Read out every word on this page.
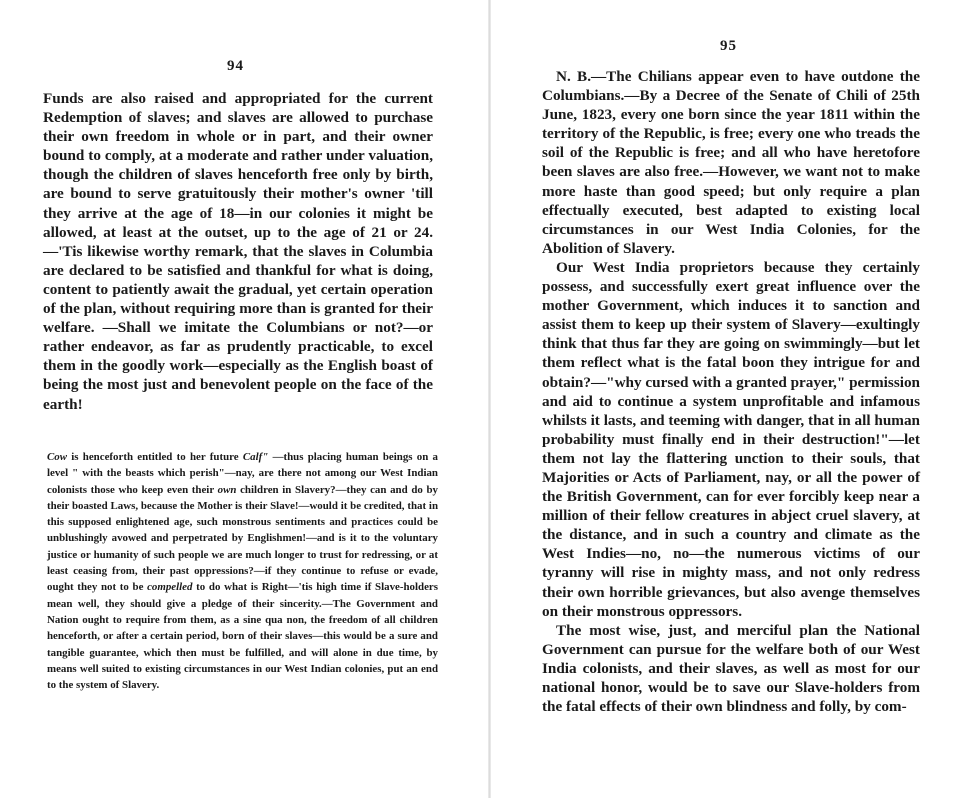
94
Funds are also raised and appropriated for the current Redemption of slaves; and slaves are allowed to purchase their own freedom in whole or in part, and their owner bound to comply, at a moderate and rather under valuation, though the children of slaves henceforth free only by birth, are bound to serve gratuitously their mother's owner 'till they arrive at the age of 18—in our colonies it might be allowed, at least at the outset, up to the age of 21 or 24.—'Tis likewise worthy remark, that the slaves in Columbia are declared to be satisfied and thankful for what is doing, content to patiently await the gradual, yet certain operation of the plan, without requiring more than is granted for their welfare. —Shall we imitate the Columbians or not?—or rather endeavor, as far as prudently practicable, to excel them in the goodly work—especially as the English boast of being the most just and benevolent people on the face of the earth!
Cow is henceforth entitled to her future Calf" —thus placing human beings on a level " with the beasts which perish"—nay, are there not among our West Indian colonists those who keep even their own children in Slavery?—they can and do by their boasted Laws, because the Mother is their Slave!—would it be credited, that in this supposed enlightened age, such monstrous sentiments and practices could be unblushingly avowed and perpetrated by Englishmen!—and is it to the voluntary justice or humanity of such people we are much longer to trust for redressing, or at least ceasing from, their past oppressions?—if they continue to refuse or evade, ought they not to be compelled to do what is Right—'tis high time if Slave-holders mean well, they should give a pledge of their sincerity.—The Government and Nation ought to require from them, as a sine qua non, the freedom of all children henceforth, or after a certain period, born of their slaves—this would be a sure and tangible guarantee, which then must be fulfilled, and will alone in due time, by means well suited to existing circumstances in our West Indian colonies, put an end to the system of Slavery.
95

N. B.—The Chilians appear even to have outdone the Columbians.—By a Decree of the Senate of Chili of 25th June, 1823, every one born since the year 1811 within the territory of the Republic, is free; every one who treads the soil of the Republic is free; and all who have heretofore been slaves are also free.—However, we want not to make more haste than good speed; but only require a plan effectually executed, best adapted to existing local circumstances in our West India Colonies, for the Abolition of Slavery.

Our West India proprietors because they certainly possess, and successfully exert great influence over the mother Government, which induces it to sanction and assist them to keep up their system of Slavery—exultingly think that thus far they are going on swimmingly—but let them reflect what is the fatal boon they intrigue for and obtain?—"why cursed with a granted prayer," permission and aid to continue a system unprofitable and infamous whilsts it lasts, and teeming with danger, that in all human probability must finally end in their destruction!"—let them not lay the flattering unction to their souls, that Majorities or Acts of Parliament, nay, or all the power of the British Government, can for ever forcibly keep near a million of their fellow creatures in abject cruel slavery, at the distance, and in such a country and climate as the West Indies—no, no—the numerous victims of our tyranny will rise in mighty mass, and not only redress their own horrible grievances, but also avenge themselves on their monstrous oppressors.

The most wise, just, and merciful plan the National Government can pursue for the welfare both of our West India colonists, and their slaves, as well as most for our national honor, would be to save our Slave-holders from the fatal effects of their own blindness and folly, by com-
